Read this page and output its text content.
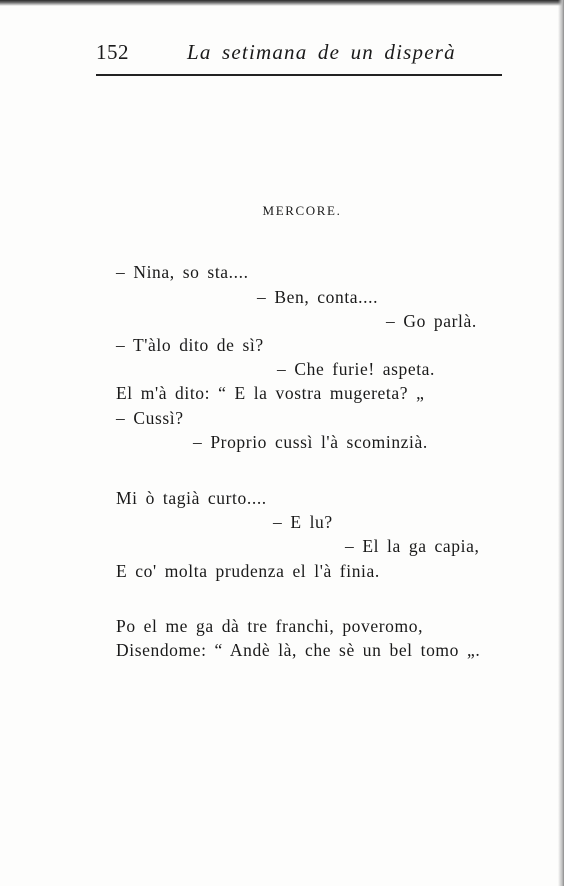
152	La setimana de un disperà
MERCORE.
– Nina, so sta....
– Ben, conta....
– Go parlà.
– T'àlo dito de sì?
– Che furie! aspeta.
El m'à dito: “ E la vostra mugereta? „
– Cussì?
– Proprio cussì l'à scominzià.
Mi ò tagià curto....
– E lu?
– El la ga capia,
E co' molta prudenza el l'à finia.
Po el me ga dà tre franchi, poveromo,
Disendome: “ Andè là, che sè un bel tomo „.
